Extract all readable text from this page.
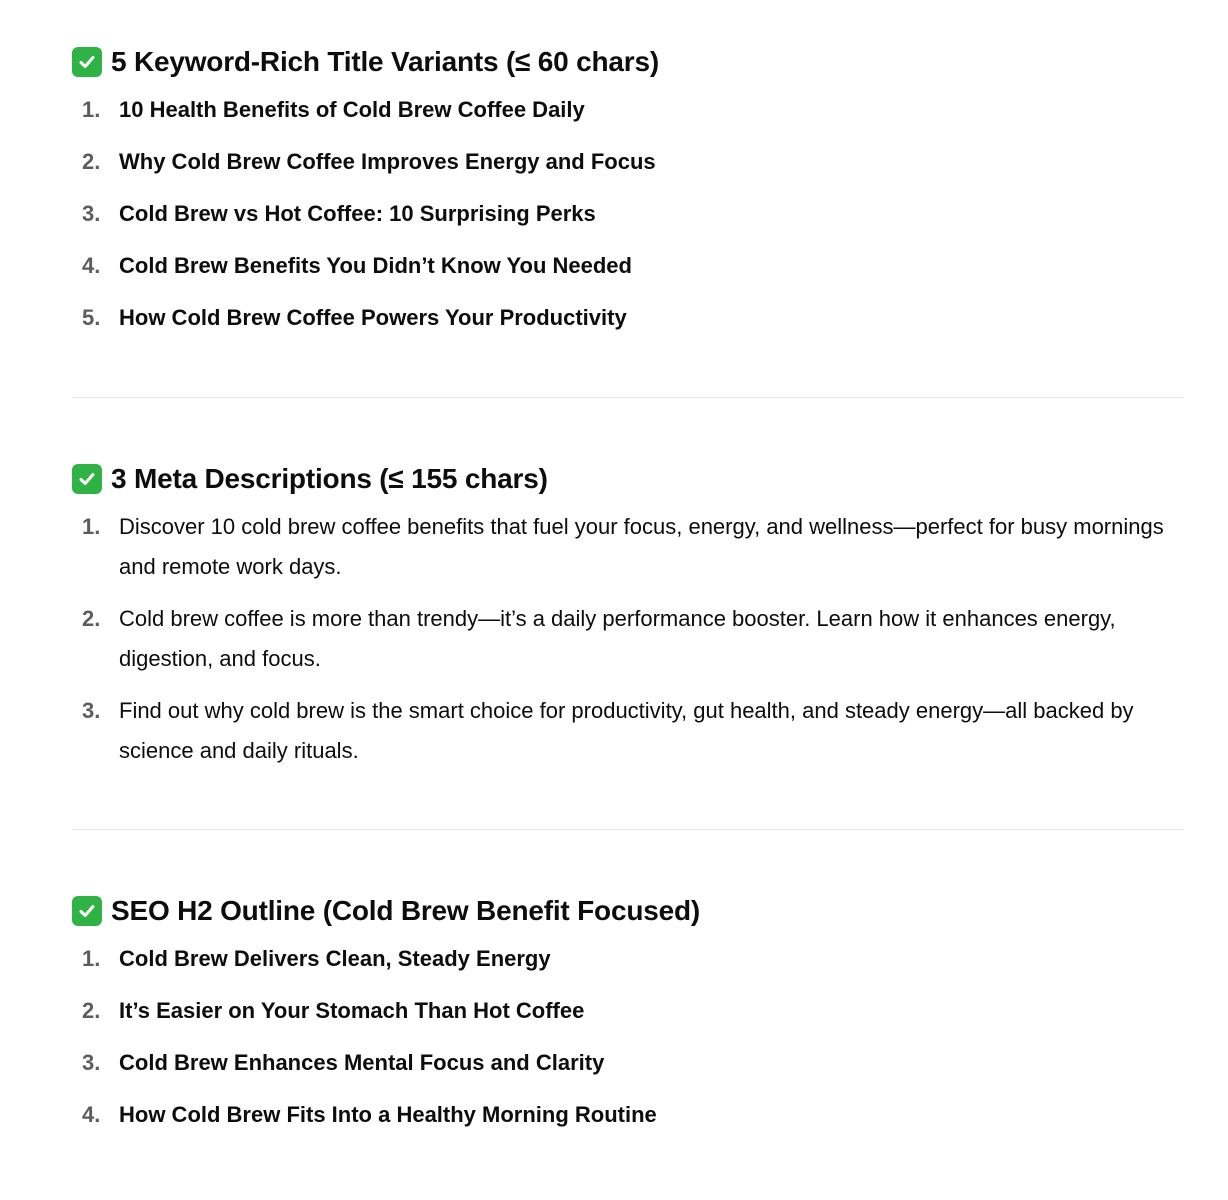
5 Keyword-Rich Title Variants (≤ 60 chars)
1. 10 Health Benefits of Cold Brew Coffee Daily
2. Why Cold Brew Coffee Improves Energy and Focus
3. Cold Brew vs Hot Coffee: 10 Surprising Perks
4. Cold Brew Benefits You Didn’t Know You Needed
5. How Cold Brew Coffee Powers Your Productivity
3 Meta Descriptions (≤ 155 chars)
1. Discover 10 cold brew coffee benefits that fuel your focus, energy, and wellness—perfect for busy mornings and remote work days.
2. Cold brew coffee is more than trendy—it’s a daily performance booster. Learn how it enhances energy, digestion, and focus.
3. Find out why cold brew is the smart choice for productivity, gut health, and steady energy—all backed by science and daily rituals.
SEO H2 Outline (Cold Brew Benefit Focused)
1. Cold Brew Delivers Clean, Steady Energy
2. It’s Easier on Your Stomach Than Hot Coffee
3. Cold Brew Enhances Mental Focus and Clarity
4. How Cold Brew Fits Into a Healthy Morning Routine
